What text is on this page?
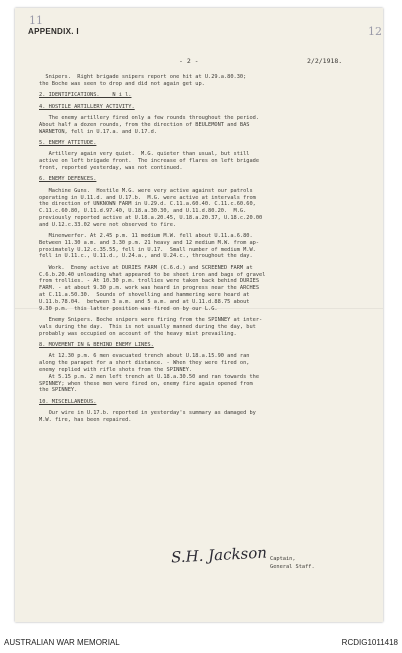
11
12
APPENDIX. I
- 2 -	2/2/1918.

Snipers.  Right brigade snipers report one hit at U.29.a.80.30;
the Boche was seen to drop and did not again get up.

2. IDENTIFICATIONS.    N i l.

4. HOSTILE ARTILLERY ACTIVITY.

The enemy artillery fired only a few rounds throughout the period.
About half a dozen rounds, from the direction of BEULEMONT and BAS
WARNETON, fell in U.17.a. and U.17.d.

5. ENEMY ATTITUDE.

Artillery again very quiet.  M.G. quieter than usual, but still
active on left brigade front.  The increase of flares on left brigade
front, reported yesterday, was not continued.

6. ENEMY DEFENCES.

Machine Guns.  Hostile M.G. were very active against our patrols
operating in U.11.d. and U.17.b.  M.G. were active at intervals from
the direction of UNKNOWN FARM in U.29.d. C.11.a.60.40. C.11.c.60.60,
C.11.c.60.80, U.11.d.97.40, U.18.a.30.30, and U.11.d.80.20.  M.G.
previously reported active at U.18.a.20.45, U.18.a.20.37, U.18.c.20.00
and U.12.c.33.02 were not observed to fire.

Minenwerfer. At 2.45 p.m. 11 medium M.W. fell about U.11.a.6.80.
Between 11.30 a.m. and 3.30 p.m. 21 heavy and 12 medium M.W. from ap-
proximately U.12.c.35.55, fell in U.17.  Small number of medium M.W.
fell in U.11.c., U.11.d., U.24.a., and U.24.c., throughout the day.

Work.  Enemy active at DURIES FARM (C.6.d.) and SCREENED FARM at
C.6.b.20.40 unloading what appeared to be sheet iron and bags of gravel
from trollies. - At 10.30 p.m. trollies were taken back behind DURIES
FARM. - at about 9.30 p.m. work was heard in progress near the ARCHES
at C.11.a.50.30.  Sounds of shovelling and hammering were heard at
U.11.b.78.04.  between 3 a.m. and 5 a.m. and at U.11.d.88.75 about
9.30 p.m.  this latter position was fired on by our L.G.

Enemy Snipers. Boche snipers were firing from the SPINNEY at inter-
vals during the day.  This is not usually manned during the day, but
probably was occupied on account of the heavy mist prevailing.

8. MOVEMENT IN & BEHIND ENEMY LINES.

At 12.30 p.m. 6 men evacuated trench about U.18.a.15.90 and ran
along the parapet for a short distance. - When they were fired on,
enemy replied with rifle shots from the SPINNEY.
At 5.15 p.m. 2 men left trench at U.18.a.30.50 and ran towards the
SPINNEY; when these men were fired on, enemy fire again opened from
the SPINNEY.

10. MISCELLANEOUS.

Our wire in U.17.b. reported in yesterday's summary as damaged by
M.W. fire, has been repaired.

S.H. Jackson Captain,
General Staff.
AUSTRALIAN WAR MEMORIAL	RCDIG1011418
